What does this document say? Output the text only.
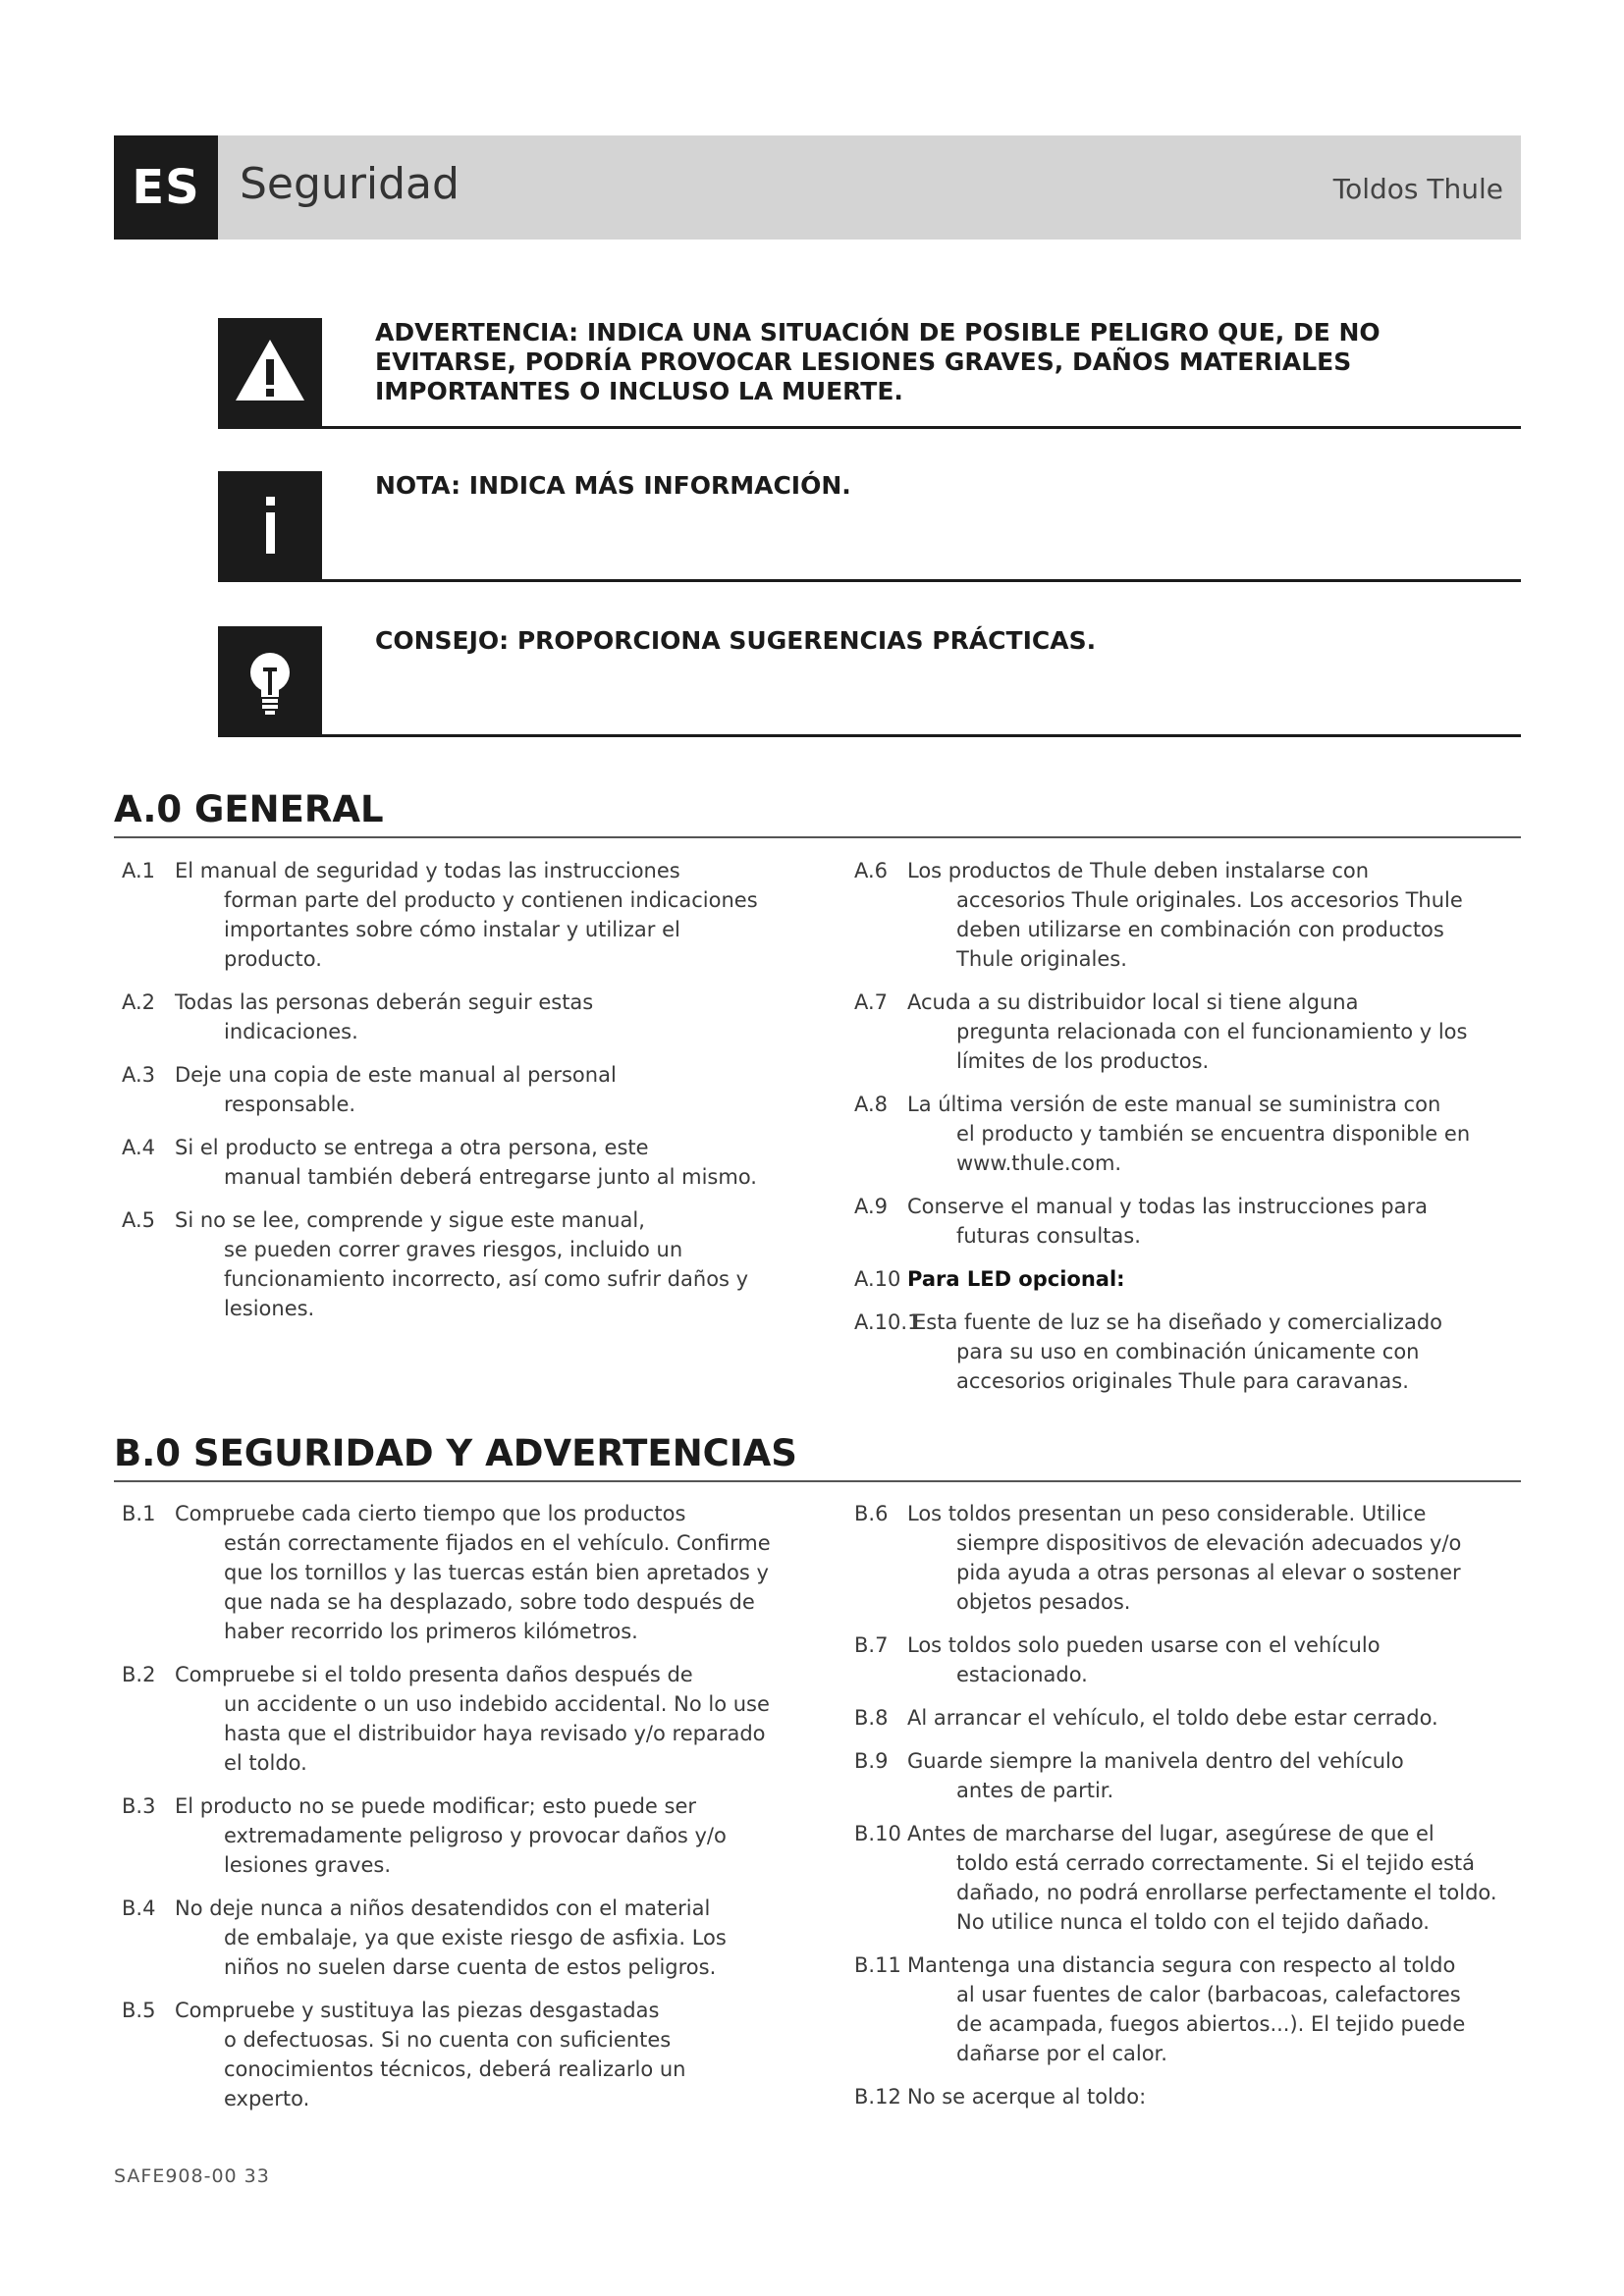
ES Seguridad	Toldos Thule
ADVERTENCIA: INDICA UNA SITUACIÓN DE POSIBLE PELIGRO QUE, DE NO EVITARSE, PODRÍA PROVOCAR LESIONES GRAVES, DAÑOS MATERIALES IMPORTANTES O INCLUSO LA MUERTE.
NOTA: INDICA MÁS INFORMACIÓN.
CONSEJO: PROPORCIONA SUGERENCIAS PRÁCTICAS.
A.0 GENERAL
A.1 El manual de seguridad y todas las instrucciones
forman parte del producto y contienen indicaciones
importantes sobre cómo instalar y utilizar el
producto.
A.2 Todas las personas deberán seguir estas
indicaciones.
A.3 Deje una copia de este manual al personal
responsable.
A.4 Si el producto se entrega a otra persona, este
manual también deberá entregarse junto al mismo.
A.5 Si no se lee, comprende y sigue este manual,
se pueden correr graves riesgos, incluido un
funcionamiento incorrecto, así como sufrir daños y
lesiones.
A.6 Los productos de Thule deben instalarse con
accesorios Thule originales. Los accesorios Thule
deben utilizarse en combinación con productos
Thule originales.
A.7 Acuda a su distribuidor local si tiene alguna
pregunta relacionada con el funcionamiento y los
límites de los productos.
A.8 La última versión de este manual se suministra con
el producto y también se encuentra disponible en
www.thule.com.
A.9 Conserve el manual y todas las instrucciones para
futuras consultas.
A.10 Para LED opcional:
A.10.1
Esta fuente de luz se ha diseñado y comercializado
para su uso en combinación únicamente con
accesorios originales Thule para caravanas.
B.0 SEGURIDAD Y ADVERTENCIAS
B.1 Compruebe cada cierto tiempo que los productos
están correctamente fijados en el vehículo. Confirme
que los tornillos y las tuercas están bien apretados y
que nada se ha desplazado, sobre todo después de
haber recorrido los primeros kilómetros.
B.2 Compruebe si el toldo presenta daños después de
un accidente o un uso indebido accidental. No lo use
hasta que el distribuidor haya revisado y/o reparado
el toldo.
B.3 El producto no se puede modificar; esto puede ser
extremadamente peligroso y provocar daños y/o
lesiones graves.
B.4 No deje nunca a niños desatendidos con el material
de embalaje, ya que existe riesgo de asfixia. Los
niños no suelen darse cuenta de estos peligros.
B.5 Compruebe y sustituya las piezas desgastadas
o defectuosas. Si no cuenta con suficientes
conocimientos técnicos, deberá realizarlo un
experto.
B.6 Los toldos presentan un peso considerable. Utilice
siempre dispositivos de elevación adecuados y/o
pida ayuda a otras personas al elevar o sostener
objetos pesados.
B.7 Los toldos solo pueden usarse con el vehículo
estacionado.
B.8 Al arrancar el vehículo, el toldo debe estar cerrado.
B.9 Guarde siempre la manivela dentro del vehículo
antes de partir.
B.10 Antes de marcharse del lugar, asegúrese de que el
toldo está cerrado correctamente. Si el tejido está
dañado, no podrá enrollarse perfectamente el toldo.
No utilice nunca el toldo con el tejido dañado.
B.11 Mantenga una distancia segura con respecto al toldo
al usar fuentes de calor (barbacoas, calefactores
de acampada, fuegos abiertos...). El tejido puede
dañarse por el calor.
B.12 No se acerque al toldo:
SAFE908-00 33
